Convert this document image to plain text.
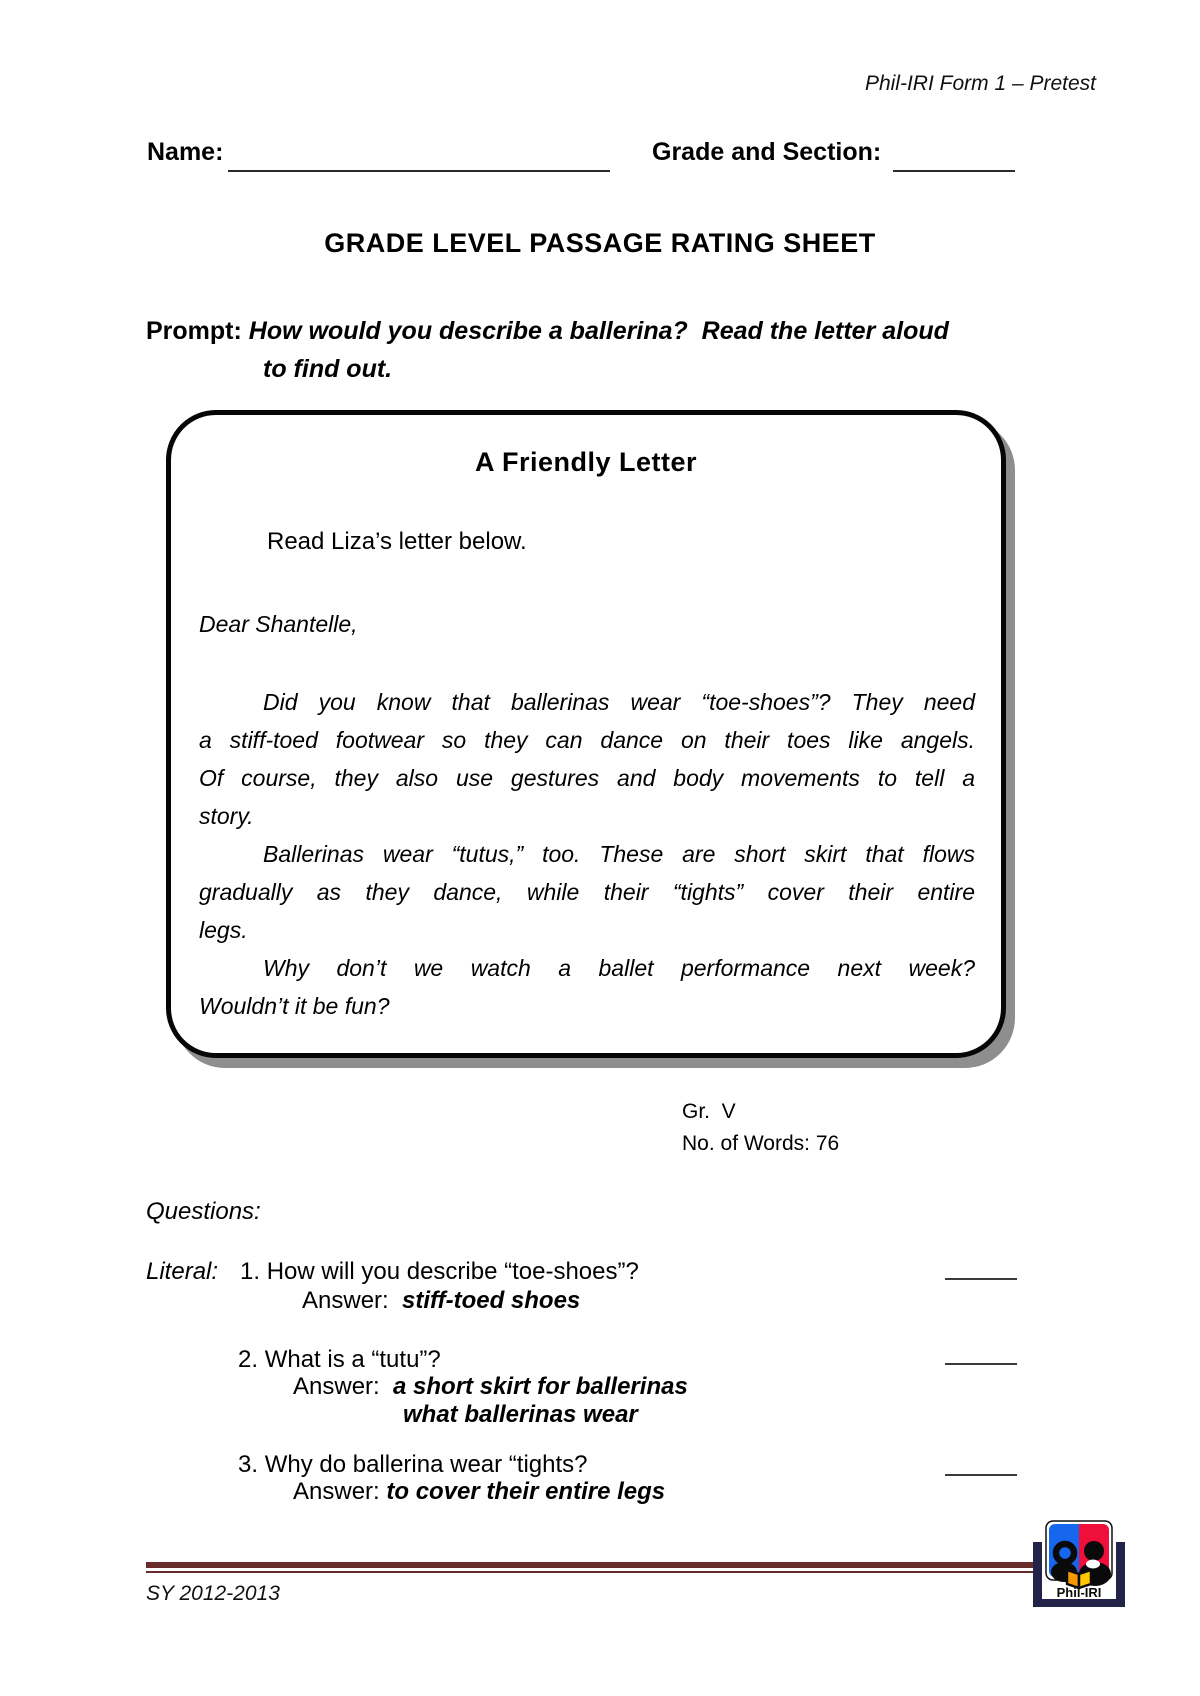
Phil-IRI Form 1 – Pretest
Name:	Grade and Section:
GRADE LEVEL PASSAGE RATING SHEET
Prompt: How would you describe a ballerina?  Read the letter aloud
to find out.
A Friendly Letter
Read Liza’s letter below.
Dear Shantelle,
Did you know that ballerinas wear “toe-shoes”? They need
a stiff-toed footwear so they can dance on their toes like angels.
Of course, they also use gestures and body movements to tell a
story.
Ballerinas wear “tutus,” too. These are short skirt that flows
gradually as they dance, while their “tights” cover their entire
legs.
Why don’t we watch a ballet performance next week?
Wouldn’t it be fun?
Gr.  V
No. of Words: 76
Questions:
Literal: 1. How will you describe “toe-shoes”?
Answer:  stiff-toed shoes
2. What is a “tutu”?
Answer:  a short skirt for ballerinas
what ballerinas wear
3. Why do ballerina wear “tights?
Answer: to cover their entire legs
SY 2012-2013	Phil-IRI
